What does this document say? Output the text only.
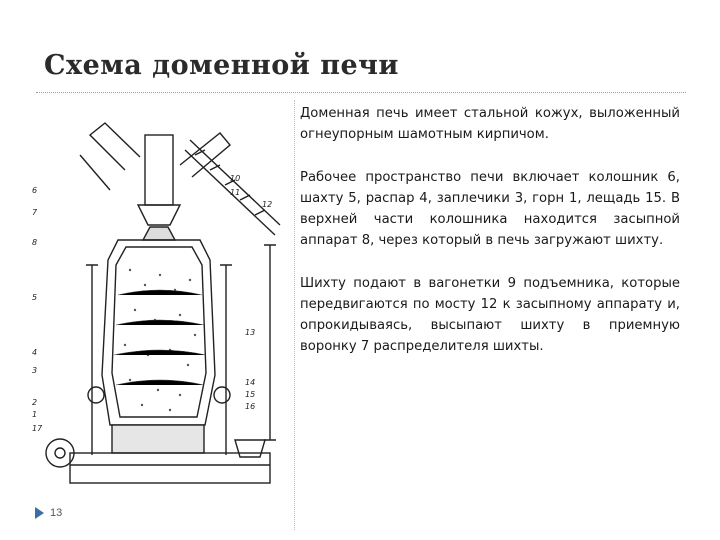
Схема доменной печи
6
7
8
5
4
3
2
1
17
10
11
12
13
14
15
16

Доменная печь имеет стальной кожух, выложенный огнеупорным шамотным кирпичом.

Рабочее пространство печи включает колошник 6, шахту 5, распар 4, заплечики 3, горн 1, лещадь 15. В верхней части колошника находится засыпной аппарат 8, через который в печь загружают шихту.

Шихту подают в вагонетки 9 подъемника, которые передвигаются по мосту 12 к засыпному аппарату и, опрокидываясь, высыпают шихту в приемную воронку 7 распределителя шихты.

13
